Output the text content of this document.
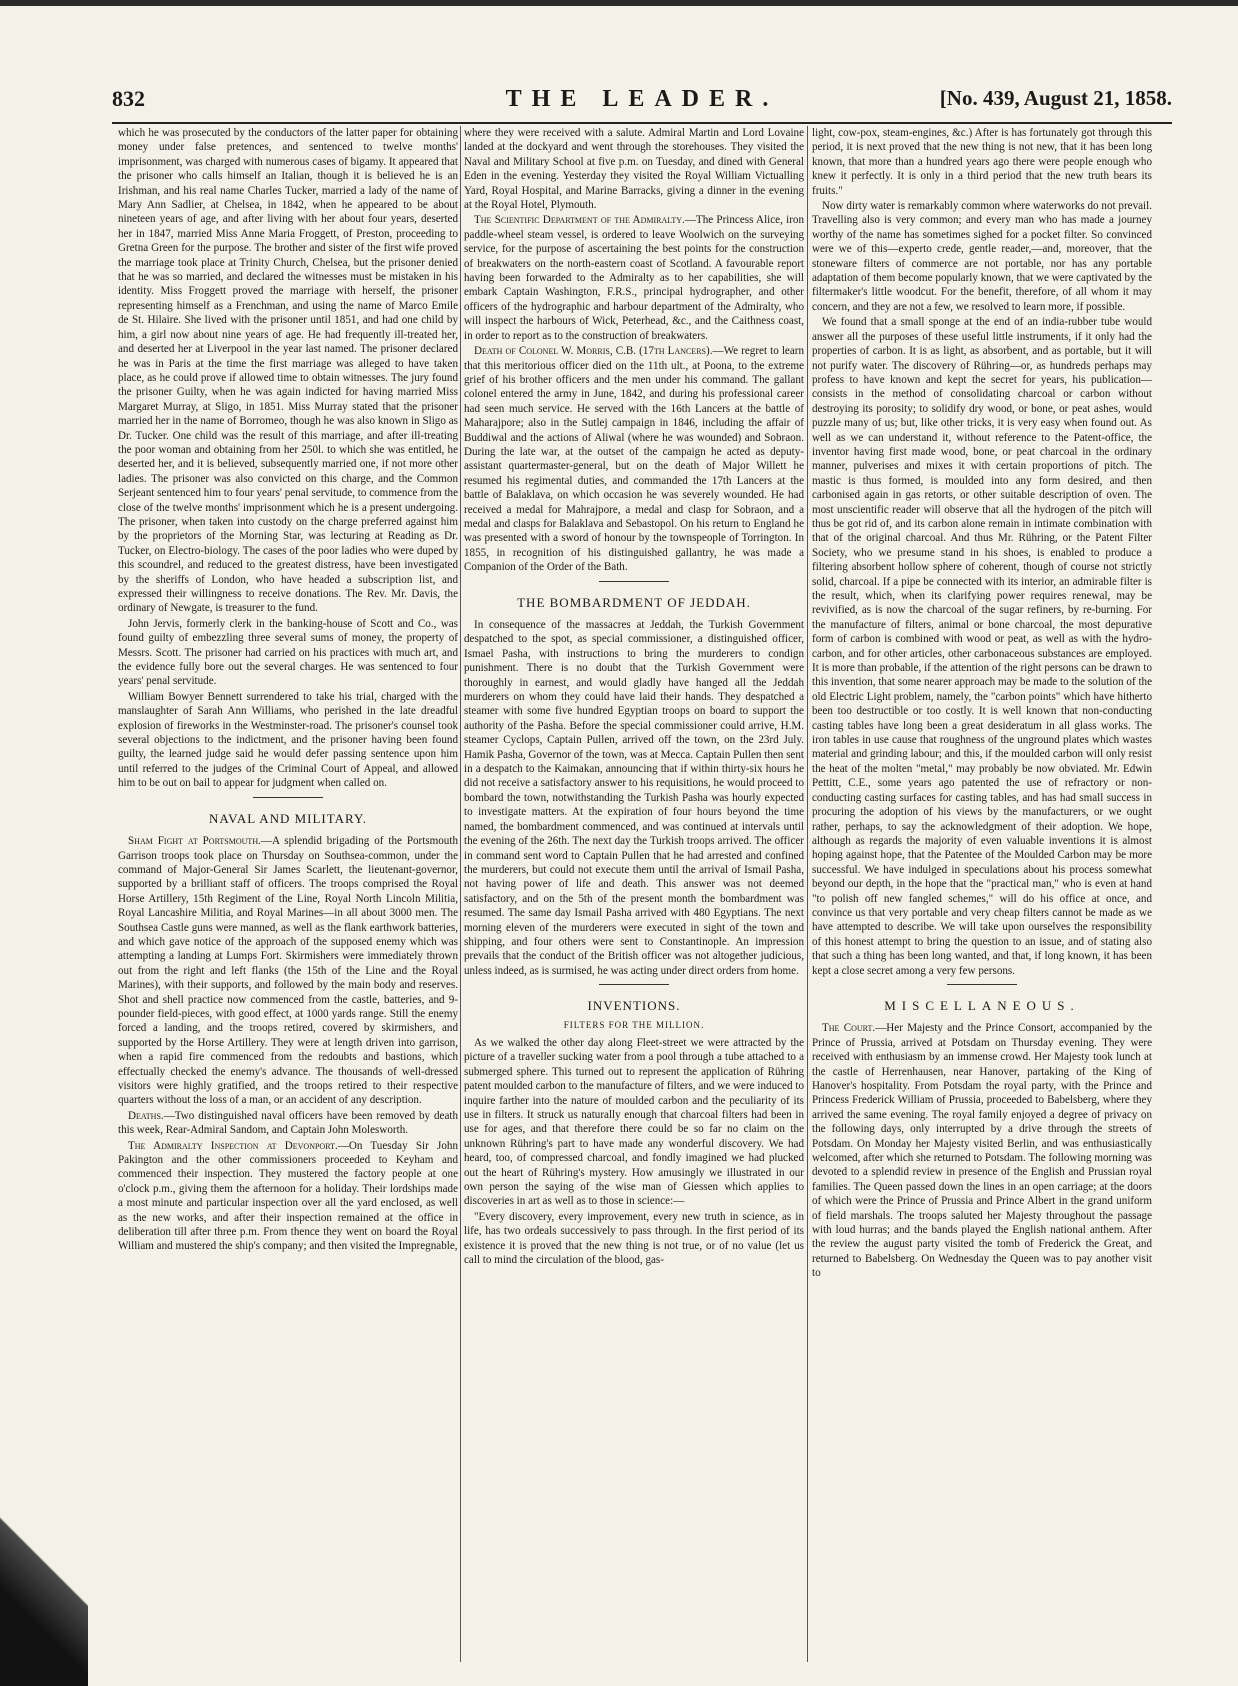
832	THE LEADER.	[No. 439, August 21, 1858.

which he was prosecuted by the conductors of the latter paper for obtaining money under false pretences, and sentenced to twelve months' imprisonment, was charged with numerous cases of bigamy. It appeared that the prisoner who calls himself an Italian, though it is believed he is an Irishman, and his real name Charles Tucker, married a lady of the name of Mary Ann Sadlier, at Chelsea, in 1842, when he appeared to be about nineteen years of age, and after living with her about four years, deserted her in 1847, married Miss Anne Maria Froggett, of Preston, proceeding to Gretna Green for the purpose. The brother and sister of the first wife proved the marriage took place at Trinity Church, Chelsea, but the prisoner denied that he was so married, and declared the witnesses must be mistaken in his identity. Miss Froggett proved the marriage with herself, the prisoner representing himself as a Frenchman, and using the name of Marco Emile de St. Hilaire. She lived with the prisoner until 1851, and had one child by him, a girl now about nine years of age. He had frequently ill-treated her, and deserted her at Liverpool in the year last named. The prisoner declared he was in Paris at the time the first marriage was alleged to have taken place, as he could prove if allowed time to obtain witnesses. The jury found the prisoner Guilty, when he was again indicted for having married Miss Margaret Murray, at Sligo, in 1851. Miss Murray stated that the prisoner married her in the name of Borromeo, though he was also known in Sligo as Dr. Tucker. One child was the result of this marriage, and after ill-treating the poor woman and obtaining from her 250l. to which she was entitled, he deserted her, and it is believed, subsequently married one, if not more other ladies. The prisoner was also convicted on this charge, and the Common Serjeant sentenced him to four years' penal servitude, to commence from the close of the twelve months' imprisonment which he is a present undergoing. The prisoner, when taken into custody on the charge preferred against him by the proprietors of the Morning Star, was lecturing at Reading as Dr. Tucker, on Electro-biology. The cases of the poor ladies who were duped by this scoundrel, and reduced to the greatest distress, have been investigated by the sheriffs of London, who have headed a subscription list, and expressed their willingness to receive donations. The Rev. Mr. Davis, the ordinary of Newgate, is treasurer to the fund.

John Jervis, formerly clerk in the banking-house of Scott and Co., was found guilty of embezzling three several sums of money, the property of Messrs. Scott. The prisoner had carried on his practices with much art, and the evidence fully bore out the several charges. He was sentenced to four years' penal servitude.

William Bowyer Bennett surrendered to take his trial, charged with the manslaughter of Sarah Ann Williams, who perished in the late dreadful explosion of fireworks in the Westminster-road. The prisoner's counsel took several objections to the indictment, and the prisoner having been found guilty, the learned judge said he would defer passing sentence upon him until referred to the judges of the Criminal Court of Appeal, and allowed him to be out on bail to appear for judgment when called on.

NAVAL AND MILITARY.

Sham Fight at Portsmouth.—A splendid brigading of the Portsmouth Garrison troops took place on Thursday on Southsea-common, under the command of Major-General Sir James Scarlett, the lieutenant-governor, supported by a brilliant staff of officers. The troops comprised the Royal Horse Artillery, 15th Regiment of the Line, Royal North Lincoln Militia, Royal Lancashire Militia, and Royal Marines—in all about 3000 men. The Southsea Castle guns were manned, as well as the flank earthwork batteries, and which gave notice of the approach of the supposed enemy which was attempting a landing at Lumps Fort. Skirmishers were immediately thrown out from the right and left flanks (the 15th of the Line and the Royal Marines), with their supports, and followed by the main body and reserves. Shot and shell practice now commenced from the castle, batteries, and 9-pounder field-pieces, with good effect, at 1000 yards range. Still the enemy forced a landing, and the troops retired, covered by skirmishers, and supported by the Horse Artillery. They were at length driven into garrison, when a rapid fire commenced from the redoubts and bastions, which effectually checked the enemy's advance. The thousands of well-dressed visitors were highly gratified, and the troops retired to their respective quarters without the loss of a man, or an accident of any description.

Deaths.—Two distinguished naval officers have been removed by death this week, Rear-Admiral Sandom, and Captain John Molesworth.

The Admiralty Inspection at Devonport.—On Tuesday Sir John Pakington and the other commissioners proceeded to Keyham and commenced their inspection. They mustered the factory people at one o'clock p.m., giving them the afternoon for a holiday. Their lordships made a most minute and particular inspection over all the yard enclosed, as well as the new works, and after their inspection remained at the office in deliberation till after three p.m. From thence they went on board the Royal William and mustered the ship's company; and then visited the Impregnable,

where they were received with a salute. Admiral Martin and Lord Lovaine landed at the dockyard and went through the storehouses. They visited the Naval and Military School at five p.m. on Tuesday, and dined with General Eden in the evening. Yesterday they visited the Royal William Victualling Yard, Royal Hospital, and Marine Barracks, giving a dinner in the evening at the Royal Hotel, Plymouth.

The Scientific Department of the Admiralty.—The Princess Alice, iron paddle-wheel steam vessel, is ordered to leave Woolwich on the surveying service, for the purpose of ascertaining the best points for the construction of breakwaters on the north-eastern coast of Scotland. A favourable report having been forwarded to the Admiralty as to her capabilities, she will embark Captain Washington, F.R.S., principal hydrographer, and other officers of the hydrographic and harbour department of the Admiralty, who will inspect the harbours of Wick, Peterhead, &c., and the Caithness coast, in order to report as to the construction of breakwaters.

Death of Colonel W. Morris, C.B. (17th Lancers).—We regret to learn that this meritorious officer died on the 11th ult., at Poona, to the extreme grief of his brother officers and the men under his command. The gallant colonel entered the army in June, 1842, and during his professional career had seen much service. He served with the 16th Lancers at the battle of Maharajpore; also in the Sutlej campaign in 1846, including the affair of Buddiwal and the actions of Aliwal (where he was wounded) and Sobraon. During the late war, at the outset of the campaign he acted as deputy-assistant quartermaster-general, but on the death of Major Willett he resumed his regimental duties, and commanded the 17th Lancers at the battle of Balaklava, on which occasion he was severely wounded. He had received a medal for Mahrajpore, a medal and clasp for Sobraon, and a medal and clasps for Balaklava and Sebastopol. On his return to England he was presented with a sword of honour by the townspeople of Torrington. In 1855, in recognition of his distinguished gallantry, he was made a Companion of the Order of the Bath.

THE BOMBARDMENT OF JEDDAH.

In consequence of the massacres at Jeddah, the Turkish Government despatched to the spot, as special commissioner, a distinguished officer, Ismael Pasha, with instructions to bring the murderers to condign punishment. There is no doubt that the Turkish Government were thoroughly in earnest, and would gladly have hanged all the Jeddah murderers on whom they could have laid their hands. They despatched a steamer with some five hundred Egyptian troops on board to support the authority of the Pasha. Before the special commissioner could arrive, H.M. steamer Cyclops, Captain Pullen, arrived off the town, on the 23rd July. Hamik Pasha, Governor of the town, was at Mecca. Captain Pullen then sent in a despatch to the Kaimakan, announcing that if within thirty-six hours he did not receive a satisfactory answer to his requisitions, he would proceed to bombard the town, notwithstanding the Turkish Pasha was hourly expected to investigate matters. At the expiration of four hours beyond the time named, the bombardment commenced, and was continued at intervals until the evening of the 26th. The next day the Turkish troops arrived. The officer in command sent word to Captain Pullen that he had arrested and confined the murderers, but could not execute them until the arrival of Ismail Pasha, not having power of life and death. This answer was not deemed satisfactory, and on the 5th of the present month the bombardment was resumed. The same day Ismail Pasha arrived with 480 Egyptians. The next morning eleven of the murderers were executed in sight of the town and shipping, and four others were sent to Constantinople. An impression prevails that the conduct of the British officer was not altogether judicious, unless indeed, as is surmised, he was acting under direct orders from home.

INVENTIONS.
FILTERS FOR THE MILLION.

As we walked the other day along Fleet-street we were attracted by the picture of a traveller sucking water from a pool through a tube attached to a submerged sphere. This turned out to represent the application of Rühring patent moulded carbon to the manufacture of filters, and we were induced to inquire farther into the nature of moulded carbon and the peculiarity of its use in filters. It struck us naturally enough that charcoal filters had been in use for ages, and that therefore there could be so far no claim on the unknown Rühring's part to have made any wonderful discovery. We had heard, too, of compressed charcoal, and fondly imagined we had plucked out the heart of Rühring's mystery. How amusingly we illustrated in our own person the saying of the wise man of Giessen which applies to discoveries in art as well as to those in science:—

"Every discovery, every improvement, every new truth in science, as in life, has two ordeals successively to pass through. In the first period of its existence it is proved that the new thing is not true, or of no value (let us call to mind the circulation of the blood, gas-

light, cow-pox, steam-engines, &c.) After is has fortunately got through this period, it is next proved that the new thing is not new, that it has been long known, that more than a hundred years ago there were people enough who knew it perfectly. It is only in a third period that the new truth bears its fruits."

Now dirty water is remarkably common where waterworks do not prevail. Travelling also is very common; and every man who has made a journey worthy of the name has sometimes sighed for a pocket filter. So convinced were we of this—experto crede, gentle reader,—and, moreover, that the stoneware filters of commerce are not portable, nor has any portable adaptation of them become popularly known, that we were captivated by the filtermaker's little woodcut. For the benefit, therefore, of all whom it may concern, and they are not a few, we resolved to learn more, if possible.

We found that a small sponge at the end of an india-rubber tube would answer all the purposes of these useful little instruments, if it only had the properties of carbon. It is as light, as absorbent, and as portable, but it will not purify water. The discovery of Rühring—or, as hundreds perhaps may profess to have known and kept the secret for years, his publication—consists in the method of consolidating charcoal or carbon without destroying its porosity; to solidify dry wood, or bone, or peat ashes, would puzzle many of us; but, like other tricks, it is very easy when found out. As well as we can understand it, without reference to the Patent-office, the inventor having first made wood, bone, or peat charcoal in the ordinary manner, pulverises and mixes it with certain proportions of pitch. The mastic is thus formed, is moulded into any form desired, and then carbonised again in gas retorts, or other suitable description of oven. The most unscientific reader will observe that all the hydrogen of the pitch will thus be got rid of, and its carbon alone remain in intimate combination with that of the original charcoal. And thus Mr. Rühring, or the Patent Filter Society, who we presume stand in his shoes, is enabled to produce a filtering absorbent hollow sphere of coherent, though of course not strictly solid, charcoal. If a pipe be connected with its interior, an admirable filter is the result, which, when its clarifying power requires renewal, may be revivified, as is now the charcoal of the sugar refiners, by re-burning. For the manufacture of filters, animal or bone charcoal, the most depurative form of carbon is combined with wood or peat, as well as with the hydro-carbon, and for other articles, other carbonaceous substances are employed. It is more than probable, if the attention of the right persons can be drawn to this invention, that some nearer approach may be made to the solution of the old Electric Light problem, namely, the "carbon points" which have hitherto been too destructible or too costly. It is well known that non-conducting casting tables have long been a great desideratum in all glass works. The iron tables in use cause that roughness of the unground plates which wastes material and grinding labour; and this, if the moulded carbon will only resist the heat of the molten "metal," may probably be now obviated. Mr. Edwin Pettitt, C.E., some years ago patented the use of refractory or non-conducting casting surfaces for casting tables, and has had small success in procuring the adoption of his views by the manufacturers, or we ought rather, perhaps, to say the acknowledgment of their adoption. We hope, although as regards the majority of even valuable inventions it is almost hoping against hope, that the Patentee of the Moulded Carbon may be more successful. We have indulged in speculations about his process somewhat beyond our depth, in the hope that the "practical man," who is even at hand "to polish off new fangled schemes," will do his office at once, and convince us that very portable and very cheap filters cannot be made as we have attempted to describe. We will take upon ourselves the responsibility of this honest attempt to bring the question to an issue, and of stating also that such a thing has been long wanted, and that, if long known, it has been kept a close secret among a very few persons.

MISCELLANEOUS.

The Court.—Her Majesty and the Prince Consort, accompanied by the Prince of Prussia, arrived at Potsdam on Thursday evening. They were received with enthusiasm by an immense crowd. Her Majesty took lunch at the castle of Herrenhausen, near Hanover, partaking of the King of Hanover's hospitality. From Potsdam the royal party, with the Prince and Princess Frederick William of Prussia, proceeded to Babelsberg, where they arrived the same evening. The royal family enjoyed a degree of privacy on the following days, only interrupted by a drive through the streets of Potsdam. On Monday her Majesty visited Berlin, and was enthusiastically welcomed, after which she returned to Potsdam. The following morning was devoted to a splendid review in presence of the English and Prussian royal families. The Queen passed down the lines in an open carriage; at the doors of which were the Prince of Prussia and Prince Albert in the grand uniform of field marshals. The troops saluted her Majesty throughout the passage with loud hurras; and the bands played the English national anthem. After the review the august party visited the tomb of Frederick the Great, and returned to Babelsberg. On Wednesday the Queen was to pay another visit to
